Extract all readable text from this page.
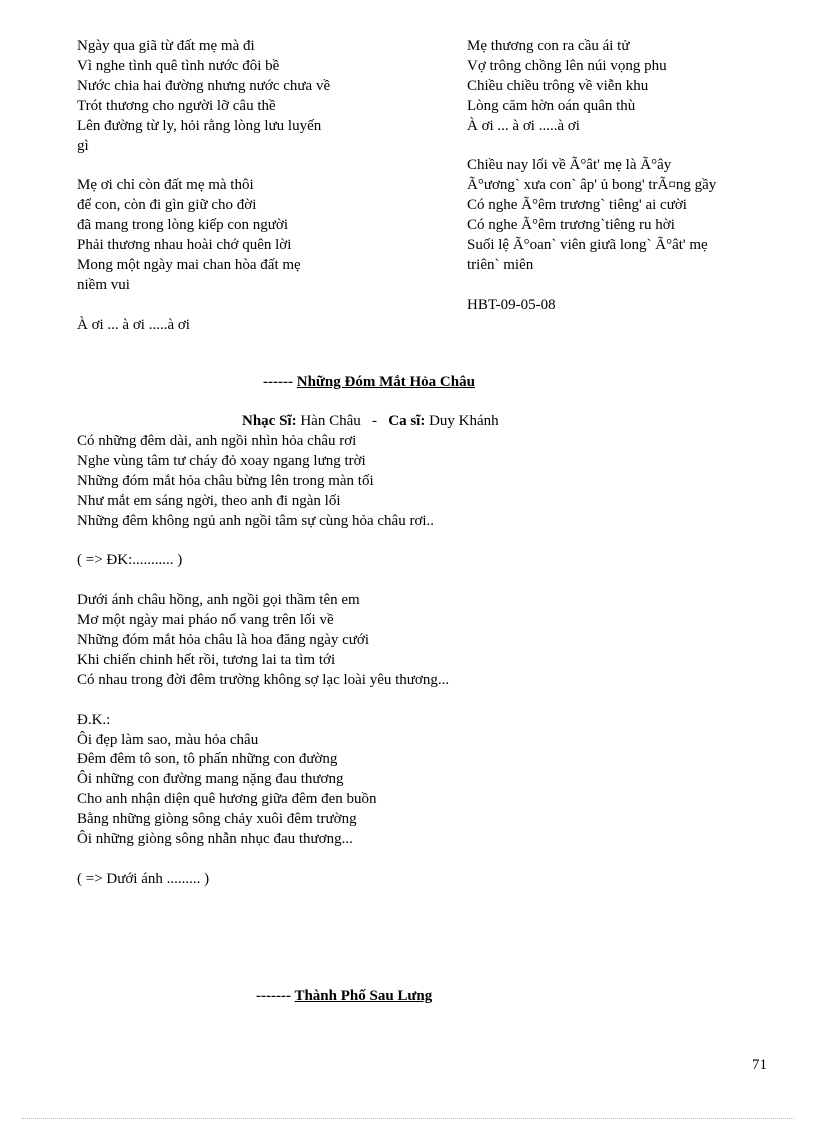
Ngày qua giã từ đất mẹ mà đi
Vì nghe tình quê tình nước đôi bề
Nước chia hai đường nhưng nước chưa về
Trót thương cho người lỡ câu thề
Lên đường từ ly, hỏi rằng lòng lưu luyến
gì
Mẹ ơi chỉ còn đất mẹ mà thôi
để con, còn đi gìn giữ cho đời
đã mang trong lòng kiếp con người
Phải thương nhau hoài chớ quên lời
Mong một ngày mai chan hòa đất mẹ
niềm vui
À ơi ... à ơi .....à ơi
Mẹ thương con ra cầu ái tử
Vợ trông chồng lên núi vọng phu
Chiều chiều trông về viễn khu
Lòng căm hờn oán quân thù
À ơi ... à ơi .....à ơi
Chiều nay lối về Ã°ât' mẹ là Ã°ây
Ã°ương` xưa con` âp' ủ bong' trÃ¤ng gầy
Có nghe Ã°êm trương` tiêng' ai cười
Có nghe Ã°êm trương`tiêng ru hời
Suối lệ Ã°oan` viên giưã long` Ã°ât' mẹ
triên` miên
HBT-09-05-08
------ Những Đóm Mắt Hỏa Châu
Nhạc Sĩ: Hàn Châu - Ca sĩ: Duy Khánh
Có những đêm dài, anh ngồi nhìn hỏa châu rơi
Nghe vùng tâm tư cháy đỏ xoay ngang lưng trời
Những đóm mắt hỏa châu bừng lên trong màn tối
Như mắt em sáng ngời, theo anh đi ngàn lối
Những đêm không ngủ anh ngồi tâm sự cùng hỏa châu rơi..
( => ĐK:........... )
Dưới ánh châu hồng, anh ngồi gọi thầm tên em
Mơ một ngày mai pháo nổ vang trên lối về
Những đóm mắt hỏa châu là hoa đăng ngày cưới
Khi chiến chinh hết rồi, tương lai ta tìm tới
Có nhau trong đời đêm trường không sợ lạc loài yêu thương...
Đ.K.:
Ôi đẹp làm sao, màu hỏa châu
Đêm đêm tô son, tô phấn những con đường
Ôi những con đường mang nặng đau thương
Cho anh nhận diện quê hương giữa đêm đen buồn
Bằng những giòng sông chảy xuôi đêm trường
Ôi những giòng sông nhẫn nhục đau thương...
( => Dưới ánh ......... )
------- Thành Phố Sau Lưng
71
